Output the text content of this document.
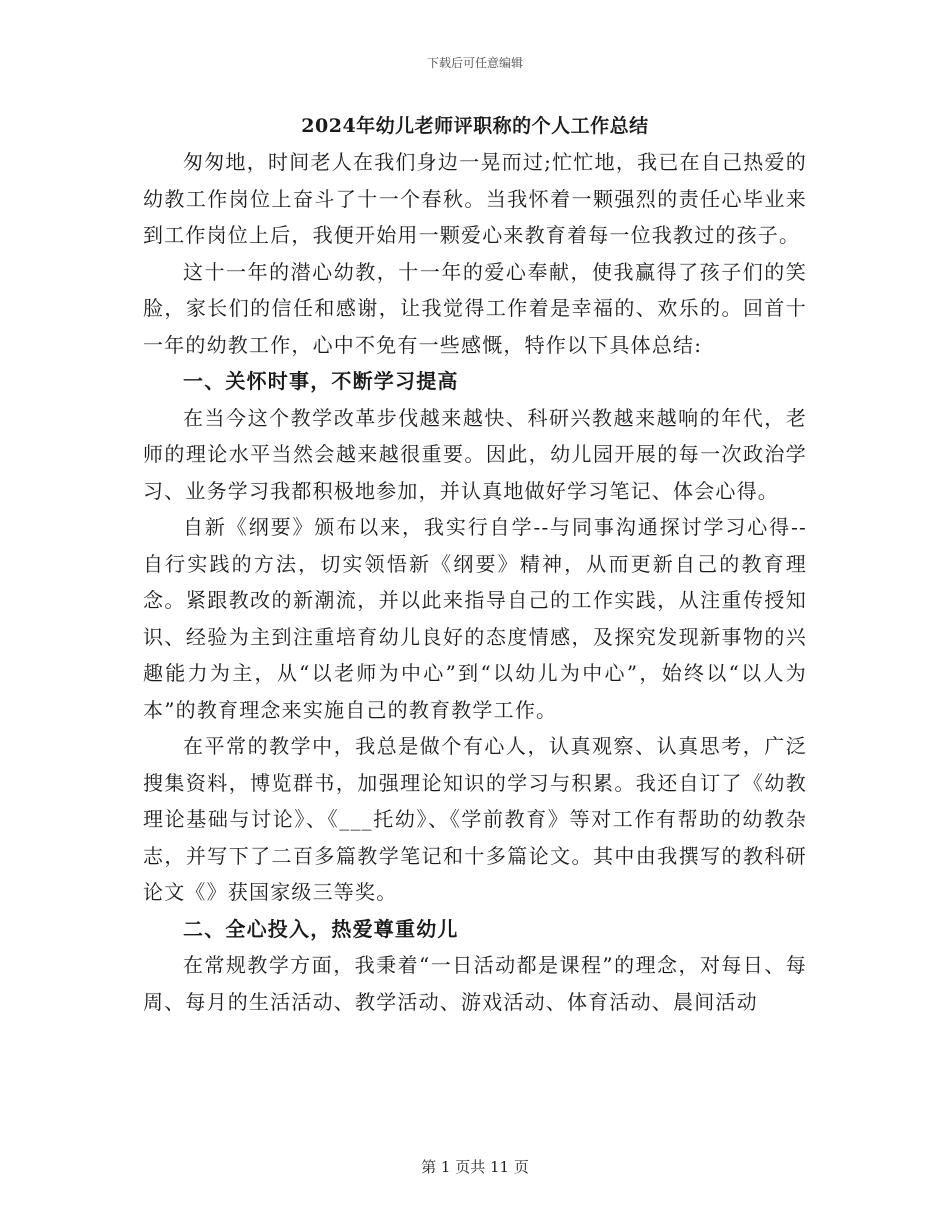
下载后可任意编辑
2024年幼儿老师评职称的个人工作总结

匆匆地，时间老人在我们身边一晃而过;忙忙地，我已在自己热爱的幼教工作岗位上奋斗了十一个春秋。当我怀着一颗强烈的责任心毕业来到工作岗位上后，我便开始用一颗爱心来教育着每一位我教过的孩子。

这十一年的潜心幼教，十一年的爱心奉献，使我赢得了孩子们的笑脸，家长们的信任和感谢，让我觉得工作着是幸福的、欢乐的。回首十一年的幼教工作，心中不免有一些感慨，特作以下具体总结:

一、关怀时事，不断学习提高

在当今这个教学改革步伐越来越快、科研兴教越来越响的年代，老师的理论水平当然会越来越很重要。因此，幼儿园开展的每一次政治学习、业务学习我都积极地参加，并认真地做好学习笔记、体会心得。

自新《纲要》颁布以来，我实行自学--与同事沟通探讨学习心得--自行实践的方法，切实领悟新《纲要》精神，从而更新自己的教育理念。紧跟教改的新潮流，并以此来指导自己的工作实践，从注重传授知识、经验为主到注重培育幼儿良好的态度情感，及探究发现新事物的兴趣能力为主，从“以老师为中心”到“以幼儿为中心”，始终以“以人为本”的教育理念来实施自己的教育教学工作。

在平常的教学中，我总是做个有心人，认真观察、认真思考，广泛搜集资料，博览群书，加强理论知识的学习与积累。我还自订了《幼教理论基础与讨论》、《___托幼》、《学前教育》等对工作有帮助的幼教杂志，并写下了二百多篇教学笔记和十多篇论文。其中由我撰写的教科研论文《》获国家级三等奖。

二、全心投入，热爱尊重幼儿

在常规教学方面，我秉着“一日活动都是课程”的理念，对每日、每周、每月的生活活动、教学活动、游戏活动、体育活动、晨间活动

第 1 页共 11 页
